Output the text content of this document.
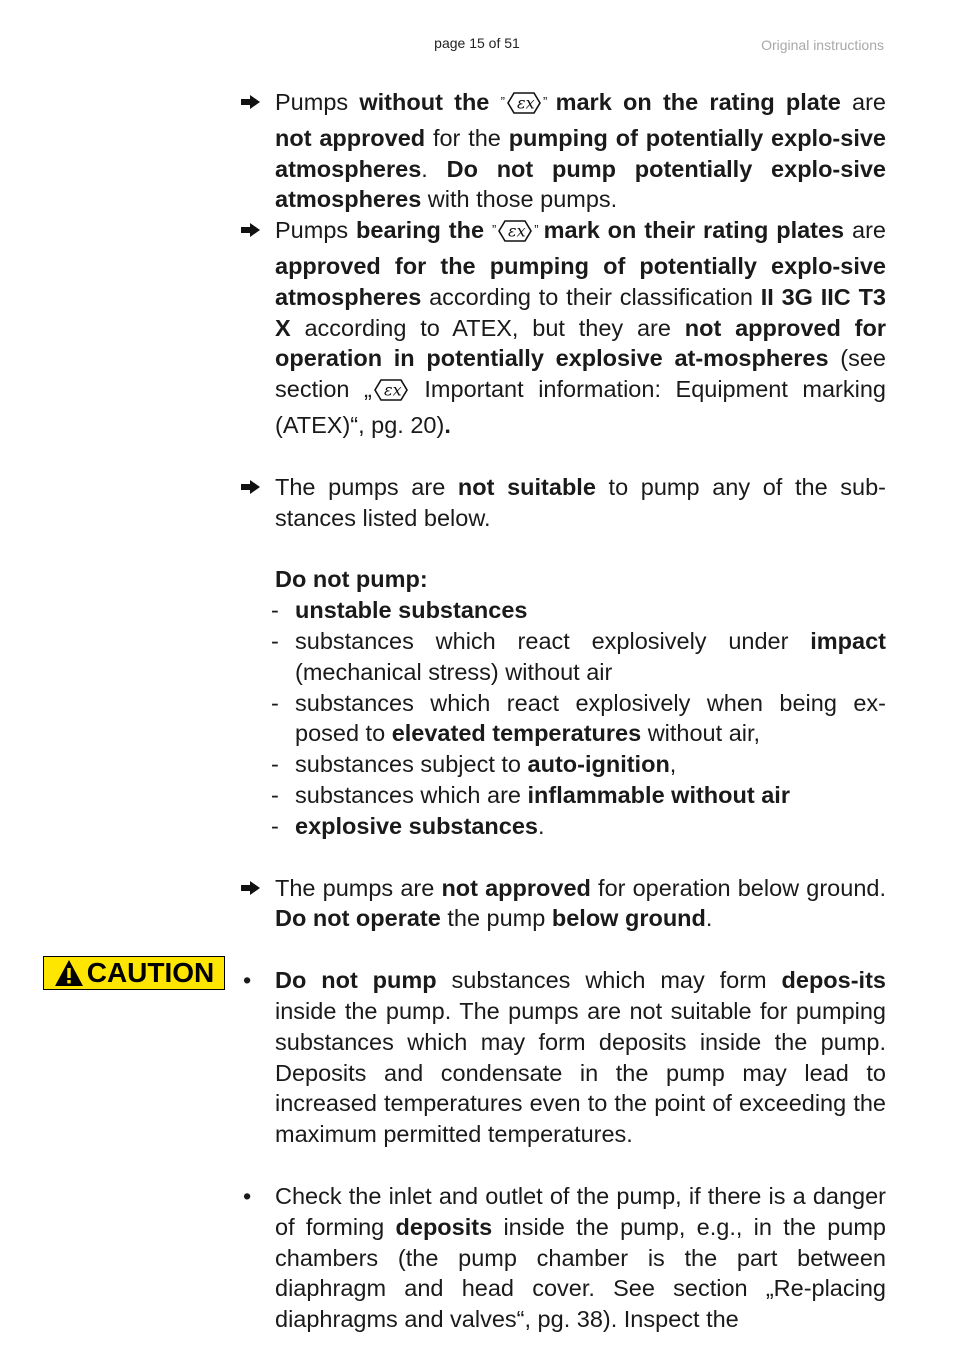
page 15 of 51	Original instructions
CAUTION

Pumps without the ” εx ” mark on the rating plate are not approved for the pumping of potentially explo-sive atmospheres. Do not pump potentially explo-sive atmospheres with those pumps.

Pumps bearing the ” εx ” mark on their rating plates are approved for the pumping of potentially explo-sive atmospheres according to their classification II 3G IIC T3 X according to ATEX, but they are not approved for operation in potentially explosive at-mospheres (see section „ εx Important information: Equipment marking (ATEX)“, pg. 20).

The pumps are not suitable to pump any of the sub-stances listed below.

Do not pump:

- unstable substances
- substances which react explosively under impact (mechanical stress) without air
- substances which react explosively when being ex-posed to elevated temperatures without air,
- substances subject to auto-ignition,
- substances which are inflammable without air
- explosive substances.

The pumps are not approved for operation below ground. Do not operate the pump below ground.

• Do not pump substances which may form depos-its inside the pump. The pumps are not suitable for pumping substances which may form deposits inside the pump. Deposits and condensate in the pump may lead to increased temperatures even to the point of exceeding the maximum permitted temperatures.

• Check the inlet and outlet of the pump, if there is a danger of forming deposits inside the pump, e.g., in the pump chambers (the pump chamber is the part between diaphragm and head cover. See section „Re-placing diaphragms and valves“, pg. 38). Inspect the
